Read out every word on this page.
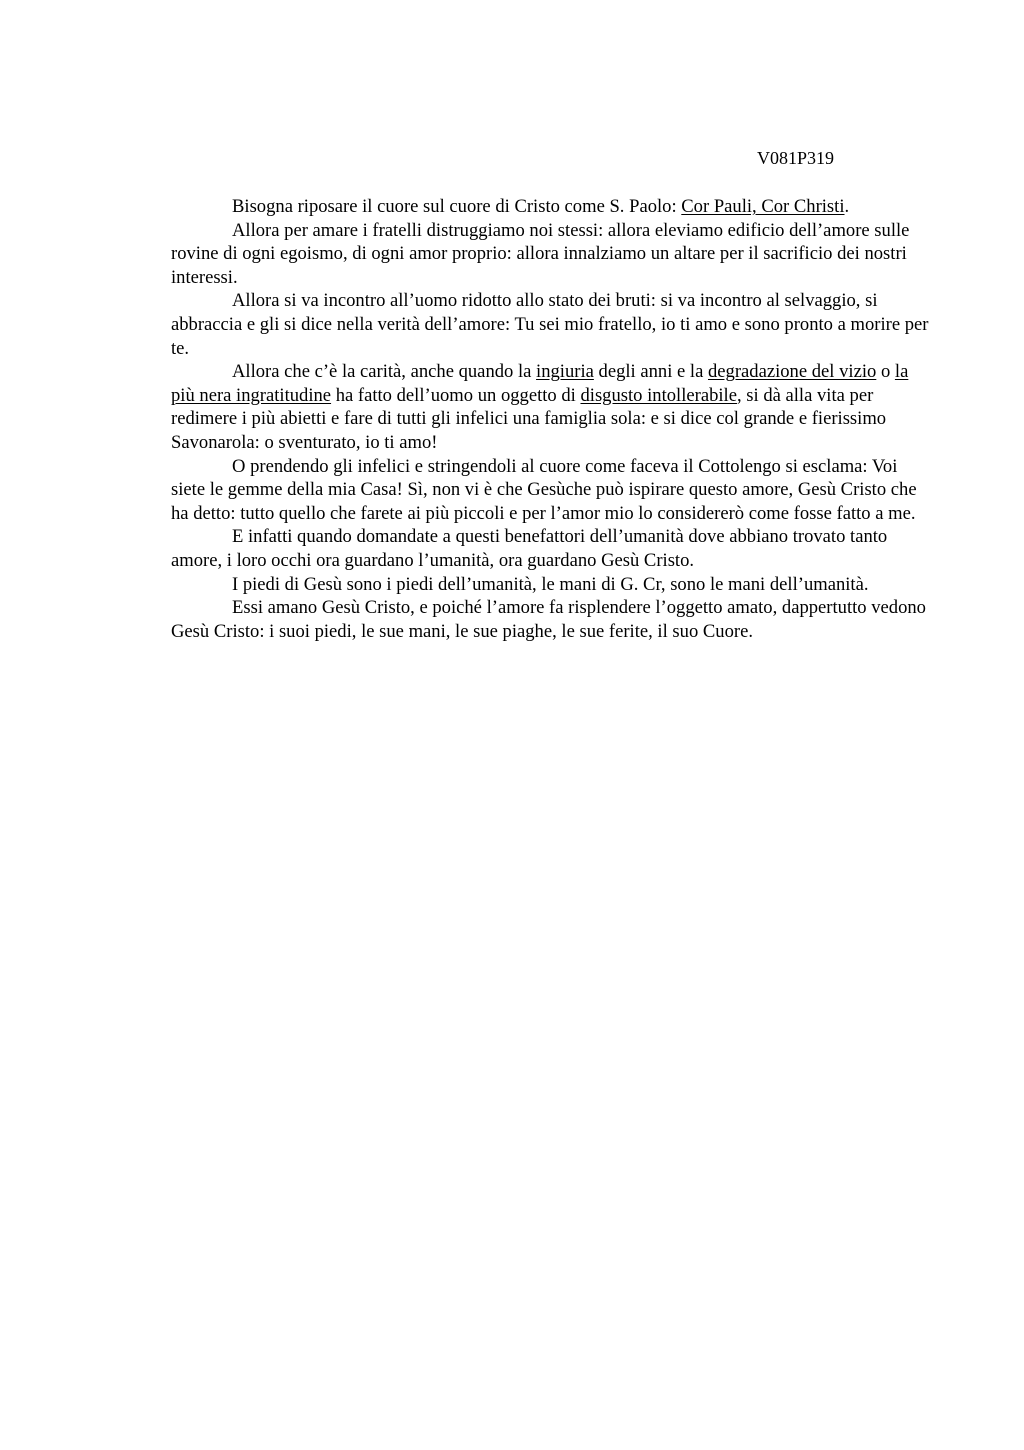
V081P319

Bisogna riposare il cuore sul cuore di Cristo come S. Paolo: Cor Pauli, Cor Christi.

Allora per amare i fratelli distruggiamo noi stessi: allora eleviamo edificio dell’amore sulle rovine di ogni egoismo, di ogni amor proprio: allora innalziamo un altare per il sacrificio dei nostri interessi.

Allora si va incontro all’uomo ridotto allo stato dei bruti: si va incontro al selvaggio, si abbraccia e gli si dice nella verità dell’amore: Tu sei mio fratello, io ti amo e sono pronto a morire per te.

Allora che c’è la carità, anche quando la ingiuria degli anni e la degradazione del vizio o la più nera ingratitudine ha fatto dell’uomo un oggetto di disgusto intollerabile, si dà alla vita per redimere i più abietti e fare di tutti gli infelici una famiglia sola: e si dice col grande e fierissimo Savonarola: o sventurato, io ti amo!

O prendendo gli infelici e stringendoli al cuore come faceva il Cottolengo si esclama: Voi siete le gemme della mia Casa! Sì, non vi è che Gesùche può ispirare questo amore, Gesù Cristo che ha detto: tutto quello che farete ai più piccoli e per l’amor mio lo considererò come fosse fatto a me.

E infatti quando domandate a questi benefattori dell’umanità dove abbiano trovato tanto amore, i loro occhi ora guardano l’umanità, ora guardano Gesù Cristo.

I piedi di Gesù sono i piedi dell’umanità, le mani di G. Cr, sono le mani dell’umanità.

Essi amano Gesù Cristo, e poiché l’amore fa risplendere l’oggetto amato, dappertutto vedono Gesù Cristo: i suoi piedi, le sue mani, le sue piaghe, le sue ferite, il suo Cuore.
